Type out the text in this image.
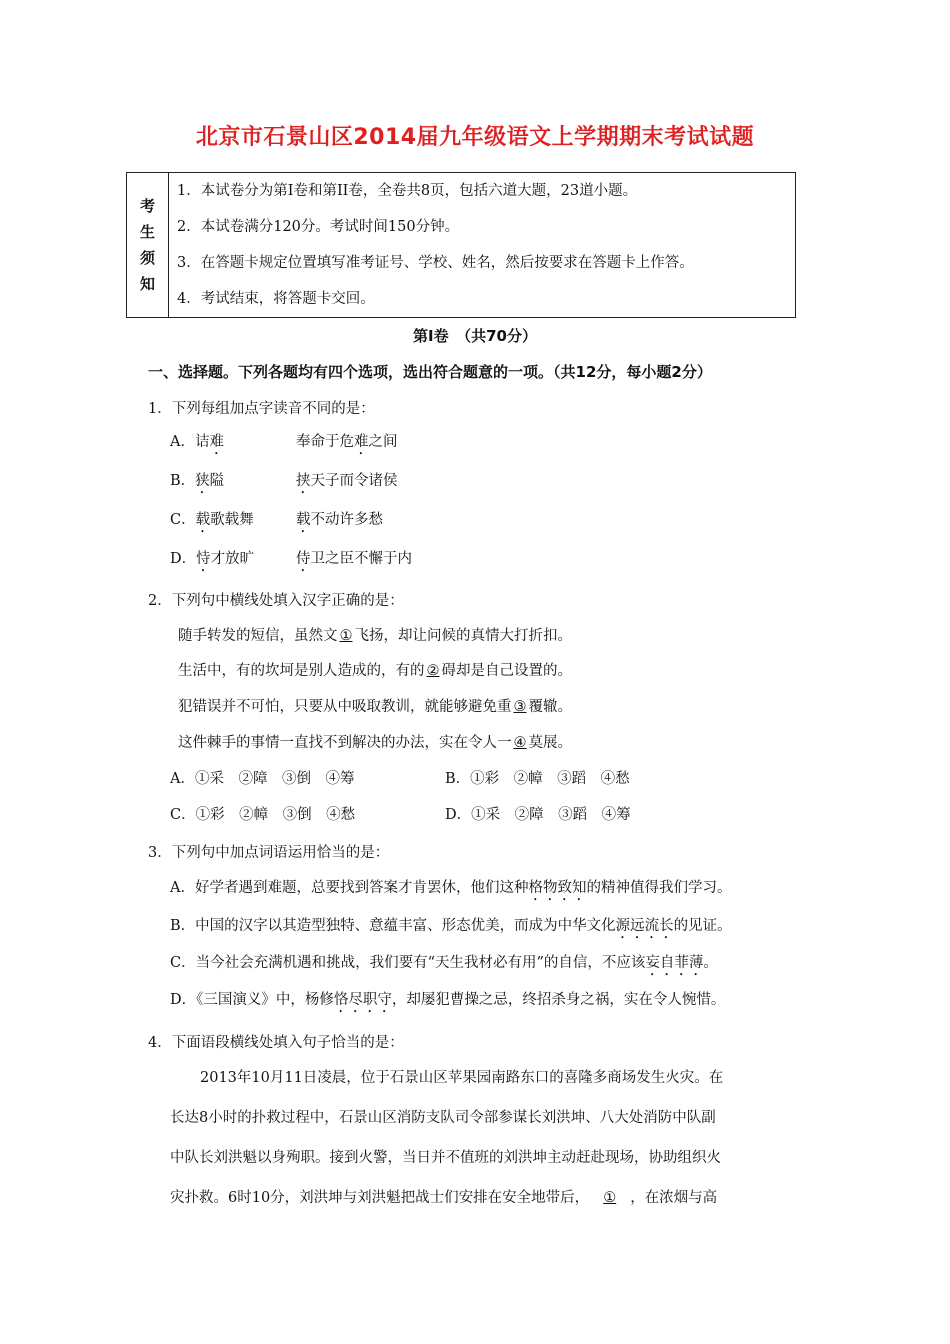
北京市石景山区2014届九年级语文上学期期末考试试题
考
生
须
知
1．本试卷分为第Ⅰ卷和第II卷，全卷共8页，包括六道大题，23道小题。
2．本试卷满分120分。考试时间150分钟。
3．在答题卡规定位置填写准考证号、学校、姓名，然后按要求在答题卡上作答。
4．考试结束，将答题卡交回。
第Ⅰ卷　（共70分）
一、选择题。下列各题均有四个选项，选出符合题意的一项。（共12分，每小题2分）
1．下列每组加点字读音不同的是：
A．诘难	奉命于危难之间
B．狭隘	挟天子而令诸侯
C．载歌载舞	载不动许多愁
D．恃才放旷	侍卫之臣不懈于内
2．下列句中横线处填入汉字正确的是：
随手转发的短信，虽然文 ① 飞扬，却让问候的真情大打折扣。
生活中，有的坎坷是别人造成的，有的 ② 碍却是自己设置的。
犯错误并不可怕，只要从中吸取教训，就能够避免重 ③ 覆辙。
这件棘手的事情一直找不到解决的办法，实在令人一 ④ 莫展。
A．①采　②障　③倒　④筹	B．①彩　②幛　③蹈　④愁
C．①彩　②幛　③倒　④愁	D．①采　②障　③蹈　④筹
3．下列句中加点词语运用恰当的是：
A．好学者遇到难题，总要找到答案才肯罢休，他们这种格物致知的精神值得我们学习。
B．中国的汉字以其造型独特、意蕴丰富、形态优美，而成为中华文化源远流长的见证。
C．当今社会充满机遇和挑战，我们要有“天生我材必有用”的自信，不应该妄自菲薄。
D．《三国演义》中，杨修恪尽职守，却屡犯曹操之忌，终招杀身之祸，实在令人惋惜。
4．下面语段横线处填入句子恰当的是：
2013年10月11日凌晨，位于石景山区苹果园南路东口的喜隆多商场发生火灾。在
长达8小时的扑救过程中，石景山区消防支队司令部参谋长刘洪坤、八大处消防中队副
中队长刘洪魁以身殉职。接到火警，当日并不值班的刘洪坤主动赶赴现场，协助组织火
灾扑救。6时10分，刘洪坤与刘洪魁把战士们安排在安全地带后， ① ，在浓烟与高
